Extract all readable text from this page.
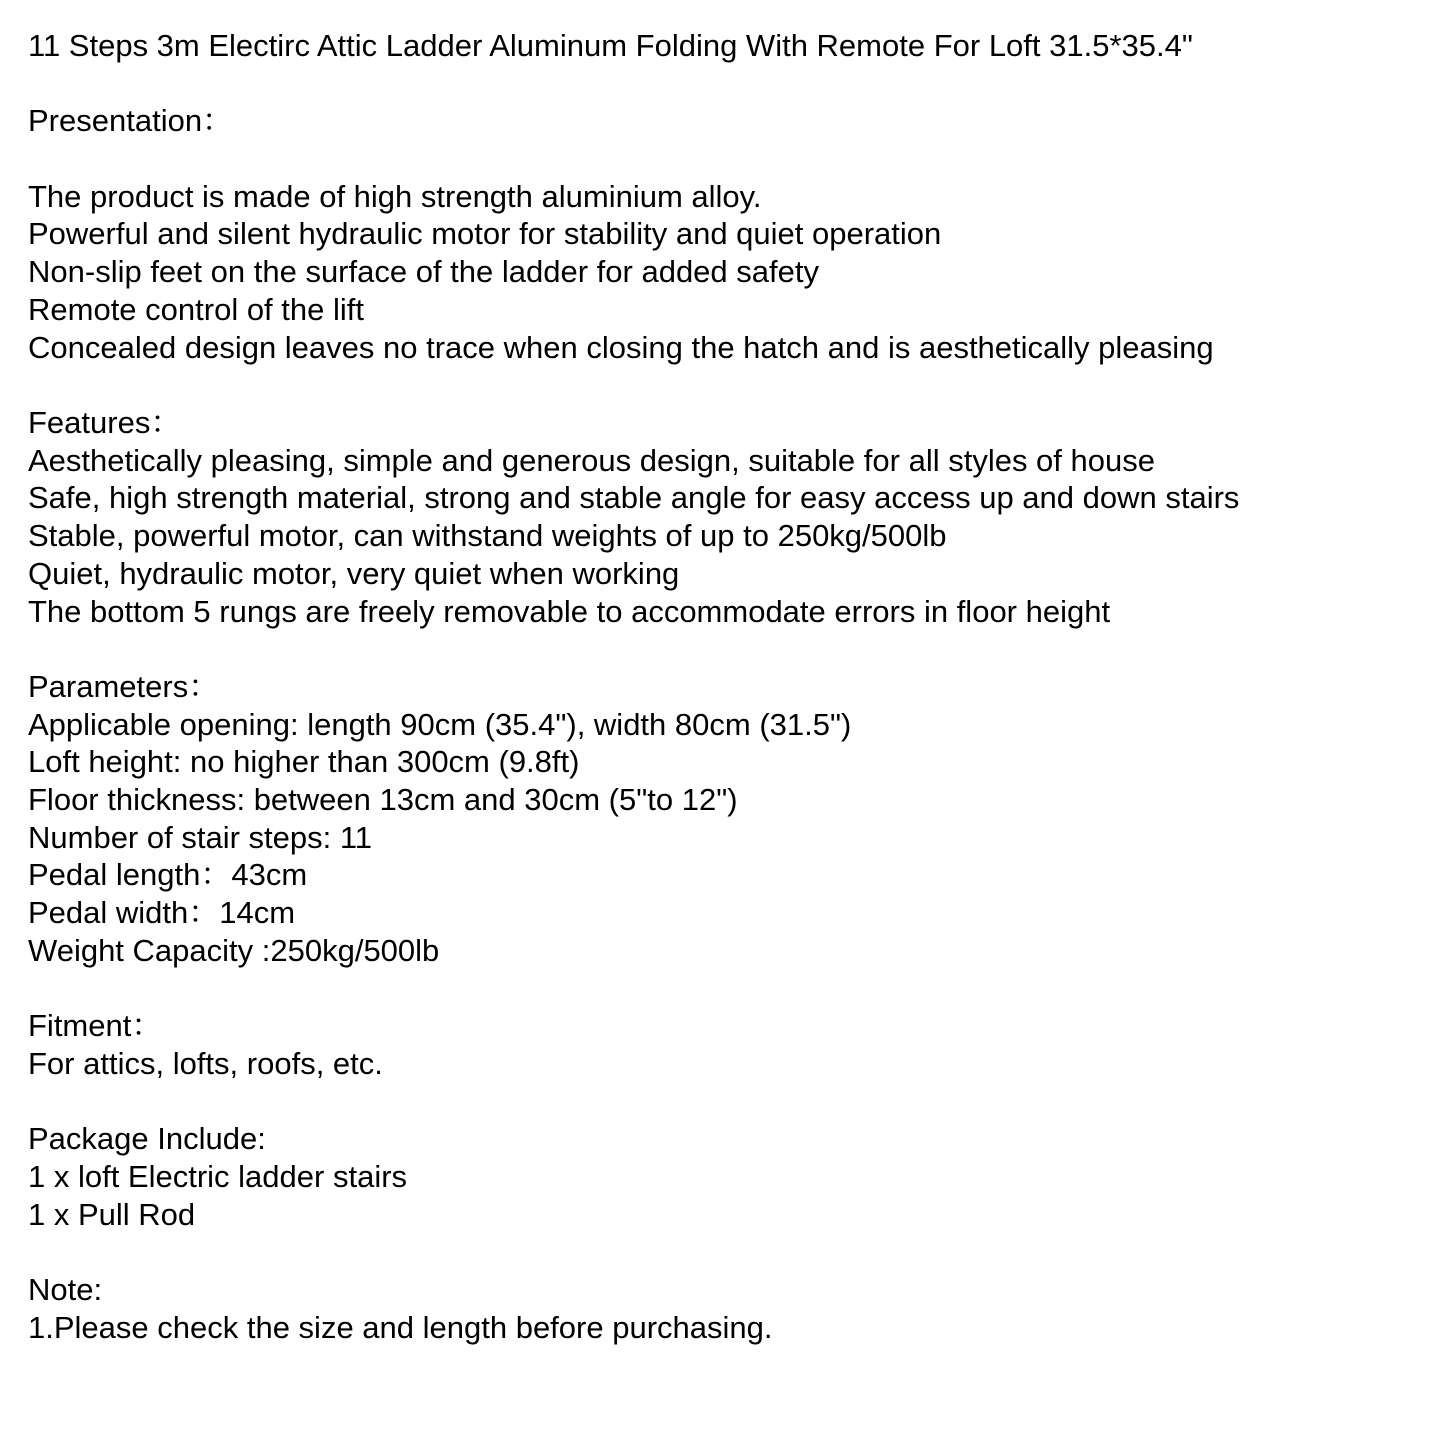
11 Steps 3m Electirc Attic Ladder Aluminum Folding With Remote For Loft 31.5*35.4"

Presentation：

The product is made of high strength aluminium alloy.

Powerful and silent hydraulic motor for stability and quiet operation

Non-slip feet on the surface of the ladder for added safety

Remote control of the lift

Concealed design leaves no trace when closing the hatch and is aesthetically pleasing

Features：

Aesthetically pleasing, simple and generous design, suitable for all styles of house

Safe, high strength material, strong and stable angle for easy access up and down stairs

Stable, powerful motor, can withstand weights of up to 250kg/500lb

Quiet, hydraulic motor, very quiet when working

The bottom 5 rungs are freely removable to accommodate errors in floor height

Parameters：

Applicable opening: length 90cm (35.4"), width 80cm (31.5")

Loft height: no higher than 300cm (9.8ft)

Floor thickness: between 13cm and 30cm (5"to 12")

Number of stair steps: 11

Pedal length：43cm

Pedal width：14cm

Weight Capacity :250kg/500lb

Fitment：

For attics, lofts, roofs, etc.

Package Include:

1 x loft Electric ladder stairs

1 x Pull Rod

Note:

1.Please check the size and length before purchasing.
